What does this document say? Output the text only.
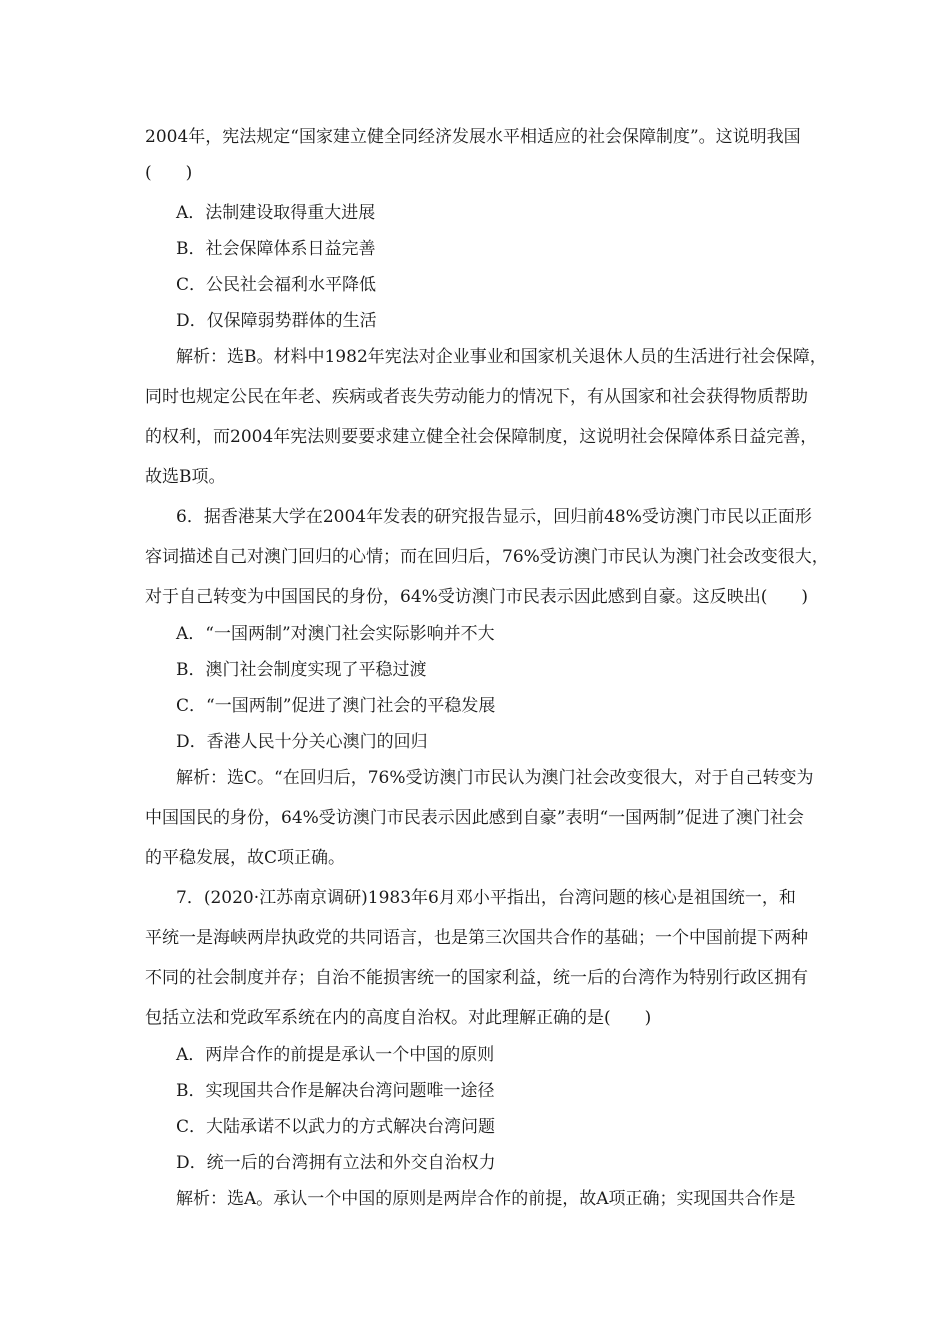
2004年，宪法规定“国家建立健全同经济发展水平相适应的社会保障制度”。这说明我国
(　　)
A．法制建设取得重大进展
B．社会保障体系日益完善
C．公民社会福利水平降低
D．仅保障弱势群体的生活
解析：选B。材料中1982年宪法对企业事业和国家机关退休人员的生活进行社会保障，
同时也规定公民在年老、疾病或者丧失劳动能力的情况下，有从国家和社会获得物质帮助
的权利，而2004年宪法则要要求建立健全社会保障制度，这说明社会保障体系日益完善，
故选B项。
6．据香港某大学在2004年发表的研究报告显示，回归前48%受访澳门市民以正面形
容词描述自己对澳门回归的心情；而在回归后，76%受访澳门市民认为澳门社会改变很大，
对于自己转变为中国国民的身份，64%受访澳门市民表示因此感到自豪。这反映出(　　)
A．“一国两制”对澳门社会实际影响并不大
B．澳门社会制度实现了平稳过渡
C．“一国两制”促进了澳门社会的平稳发展
D．香港人民十分关心澳门的回归
解析：选C。“在回归后，76%受访澳门市民认为澳门社会改变很大，对于自己转变为
中国国民的身份，64%受访澳门市民表示因此感到自豪”表明“一国两制”促进了澳门社会
的平稳发展，故C项正确。
7．(2020·江苏南京调研)1983年6月邓小平指出，台湾问题的核心是祖国统一，和
平统一是海峡两岸执政党的共同语言，也是第三次国共合作的基础；一个中国前提下两种
不同的社会制度并存；自治不能损害统一的国家利益，统一后的台湾作为特别行政区拥有
包括立法和党政军系统在内的高度自治权。对此理解正确的是(　　)
A．两岸合作的前提是承认一个中国的原则
B．实现国共合作是解决台湾问题唯一途径
C．大陆承诺不以武力的方式解决台湾问题
D．统一后的台湾拥有立法和外交自治权力
解析：选A。承认一个中国的原则是两岸合作的前提，故A项正确；实现国共合作是
